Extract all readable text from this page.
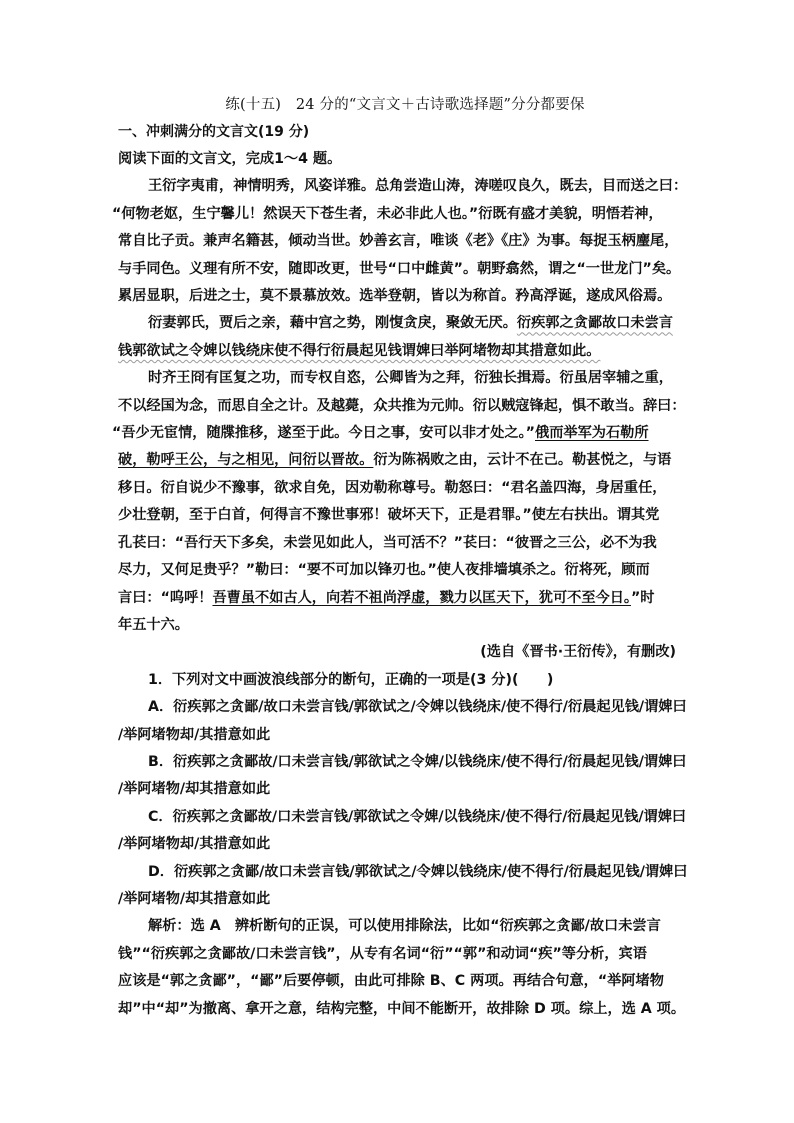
练(十五)　24 分的“文言文＋古诗歌选择题”分分都要保
一、冲刺满分的文言文(19 分)
阅读下面的文言文，完成1～4 题。
王衍字夷甫，神情明秀，风姿详雅。总角尝造山涛，涛嗟叹良久，既去，目而送之曰：
“何物老妪，生宁馨儿！然误天下苍生者，未必非此人也。”衍既有盛才美貌，明悟若神，
常自比子贡。兼声名籍甚，倾动当世。妙善玄言，唯谈《老》《庄》为事。每捉玉柄麈尾，
与手同色。义理有所不安，随即改更，世号“口中雌黄”。朝野翕然，谓之“一世龙门”矣。
累居显职，后进之士，莫不景慕放效。选举登朝，皆以为称首。矜高浮诞，遂成风俗焉。
衍妻郭氏，贾后之亲，藉中宫之势，刚愎贪戾，聚敛无厌。衍疾郭之贪鄙故口未尝言
钱郭欲试之令婢以钱绕床使不得行衍晨起见钱谓婢曰举阿堵物却其措意如此。
时齐王冏有匡复之功，而专权自恣，公卿皆为之拜，衍独长揖焉。衍虽居宰辅之重，
不以经国为念，而思自全之计。及越薨，众共推为元帅。衍以贼寇锋起，惧不敢当。辞曰：
“吾少无宦情，随牒推移，遂至于此。今日之事，安可以非才处之。”俄而举军为石勒所
破，勒呼王公，与之相见，问衍以晋故。衍为陈祸败之由，云计不在己。勒甚悦之，与语
移日。衍自说少不豫事，欲求自免，因劝勒称尊号。勒怒曰：“君名盖四海，身居重任，
少壮登朝，至于白首，何得言不豫世事邪！破坏天下，正是君罪。”使左右扶出。谓其党
孔苌曰：“吾行天下多矣，未尝见如此人，当可活不？”苌曰：“彼晋之三公，必不为我
尽力，又何足贵乎？”勒曰：“要不可加以锋刃也。”使人夜排墙填杀之。衍将死，顾而
言曰：“呜呼！吾曹虽不如古人，向若不祖尚浮虚，戮力以匡天下，犹可不至今日。”时
年五十六。
(选自《晋书·王衍传》，有删改)
1．下列对文中画波浪线部分的断句，正确的一项是(3 分)(　　)
A．衍疾郭之贪鄙/故口未尝言钱/郭欲试之/令婢以钱绕床/使不得行/衍晨起见钱/谓婢曰
/举阿堵物却/其措意如此
B．衍疾郭之贪鄙故/口未尝言钱/郭欲试之令婢/以钱绕床/使不得行/衍晨起见钱/谓婢曰
/举阿堵物/却其措意如此
C．衍疾郭之贪鄙故/口未尝言钱/郭欲试之令婢/以钱绕床/使不得行/衍晨起见钱/谓婢曰
/举阿堵物却/其措意如此
D．衍疾郭之贪鄙/故口未尝言钱/郭欲试之/令婢以钱绕床/使不得行/衍晨起见钱/谓婢曰
/举阿堵物/却其措意如此
解析：选 A　辨析断句的正误，可以使用排除法，比如“衍疾郭之贪鄙/故口未尝言
钱”“衍疾郭之贪鄙故/口未尝言钱”，从专有名词“衍”“郭”和动词“疾”等分析，宾语
应该是“郭之贪鄙”，“鄙”后要停顿，由此可排除 B、C 两项。再结合句意，“举阿堵物
却”中“却”为撤离、拿开之意，结构完整，中间不能断开，故排除 D 项。综上，选 A 项。
